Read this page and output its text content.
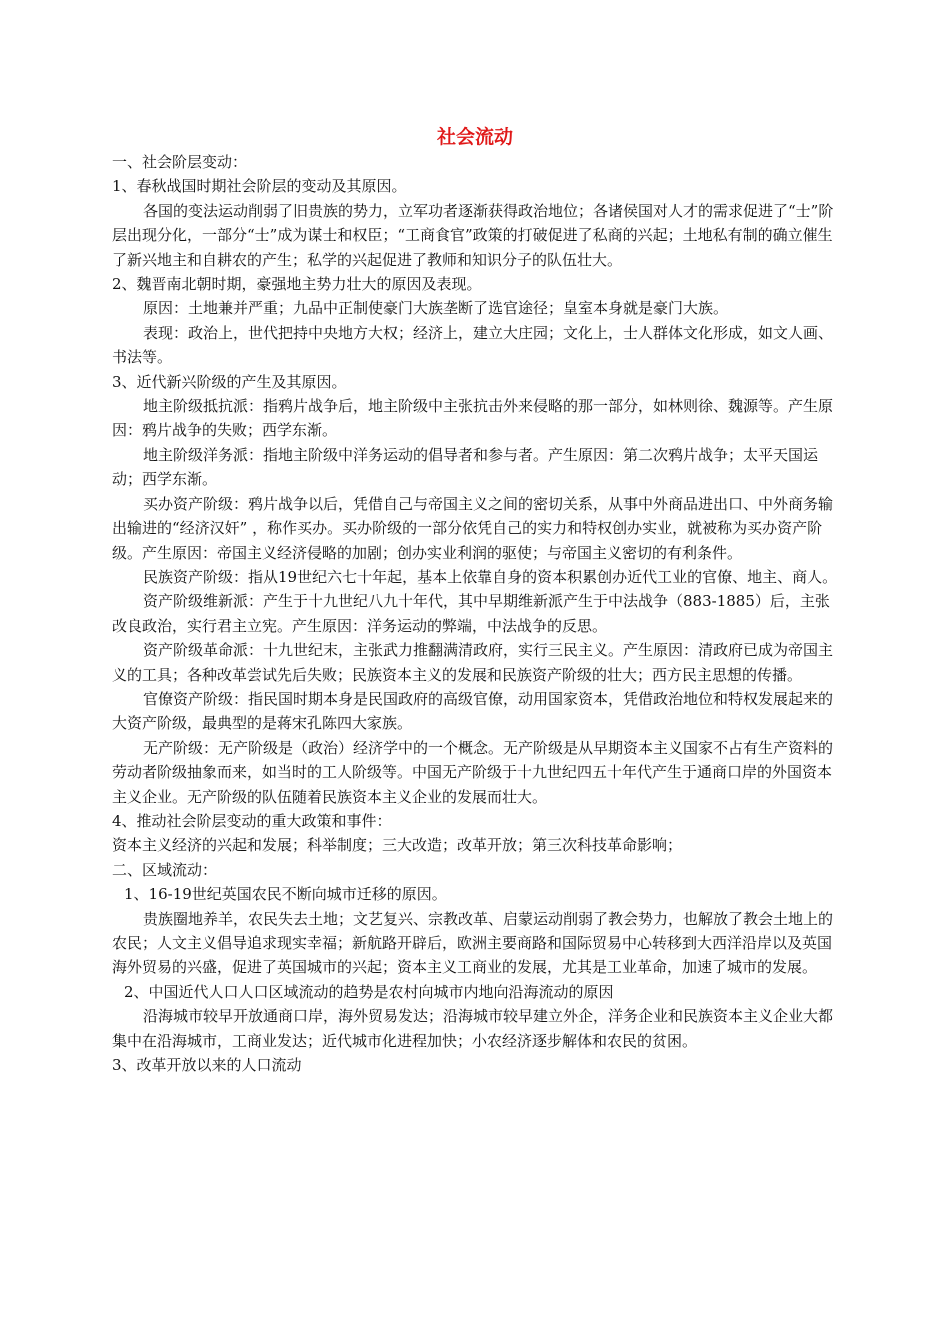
社会流动

一、社会阶层变动：

1、春秋战国时期社会阶层的变动及其原因。

各国的变法运动削弱了旧贵族的势力，立军功者逐渐获得政治地位；各诸侯国对人才的需求促进了“士”阶层出现分化，一部分“士”成为谋士和权臣；“工商食官”政策的打破促进了私商的兴起；土地私有制的确立催生了新兴地主和自耕农的产生；私学的兴起促进了教师和知识分子的队伍壮大。

2、魏晋南北朝时期，豪强地主势力壮大的原因及表现。

原因：土地兼并严重；九品中正制使豪门大族垄断了选官途径；皇室本身就是豪门大族。

表现：政治上，世代把持中央地方大权；经济上，建立大庄园；文化上，士人群体文化形成，如文人画、书法等。

3、近代新兴阶级的产生及其原因。

地主阶级抵抗派：指鸦片战争后，地主阶级中主张抗击外来侵略的那一部分，如林则徐、魏源等。产生原因：鸦片战争的失败；西学东渐。

地主阶级洋务派：指地主阶级中洋务运动的倡导者和参与者。产生原因：第二次鸦片战争；太平天国运动；西学东渐。

买办资产阶级：鸦片战争以后，凭借自己与帝国主义之间的密切关系，从事中外商品进出口、中外商务输出输进的“经济汉奸” ，称作买办。买办阶级的一部分依凭自己的实力和特权创办实业，就被称为买办资产阶级。产生原因：帝国主义经济侵略的加剧；创办实业利润的驱使；与帝国主义密切的有利条件。

民族资产阶级：指从19世纪六七十年起，基本上依靠自身的资本积累创办近代工业的官僚、地主、商人。

资产阶级维新派：产生于十九世纪八九十年代，其中早期维新派产生于中法战争（883-1885）后，主张改良政治，实行君主立宪。产生原因：洋务运动的弊端，中法战争的反思。

资产阶级革命派：十九世纪末，主张武力推翻满清政府，实行三民主义。产生原因：清政府已成为帝国主义的工具；各种改革尝试先后失败；民族资本主义的发展和民族资产阶级的壮大；西方民主思想的传播。

官僚资产阶级：指民国时期本身是民国政府的高级官僚，动用国家资本，凭借政治地位和特权发展起来的大资产阶级，最典型的是蒋宋孔陈四大家族。

无产阶级：无产阶级是（政治）经济学中的一个概念。无产阶级是从早期资本主义国家不占有生产资料的劳动者阶级抽象而来，如当时的工人阶级等。中国无产阶级于十九世纪四五十年代产生于通商口岸的外国资本主义企业。无产阶级的队伍随着民族资本主义企业的发展而壮大。

4、推动社会阶层变动的重大政策和事件：

资本主义经济的兴起和发展；科举制度；三大改造；改革开放；第三次科技革命影响；

二、区域流动：

1、16-19世纪英国农民不断向城市迁移的原因。

贵族圈地养羊，农民失去土地；文艺复兴、宗教改革、启蒙运动削弱了教会势力，也解放了教会土地上的农民；人文主义倡导追求现实幸福；新航路开辟后，欧洲主要商路和国际贸易中心转移到大西洋沿岸以及英国海外贸易的兴盛，促进了英国城市的兴起；资本主义工商业的发展，尤其是工业革命，加速了城市的发展。

2、中国近代人口人口区域流动的趋势是农村向城市内地向沿海流动的原因

沿海城市较早开放通商口岸，海外贸易发达；沿海城市较早建立外企，洋务企业和民族资本主义企业大都集中在沿海城市，工商业发达；近代城市化进程加快；小农经济逐步解体和农民的贫困。

3、改革开放以来的人口流动
